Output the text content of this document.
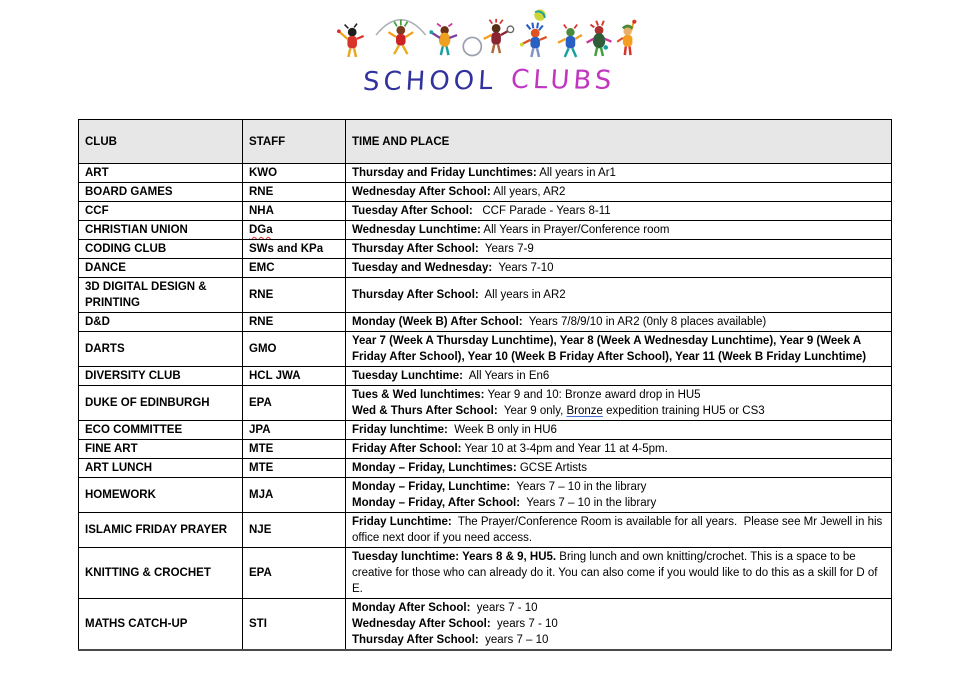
SCHOOL CLUBS
CLUB	STAFF	TIME AND PLACE
ART	KWO	Thursday and Friday Lunchtimes: All years in Ar1

BOARD GAMES	RNE	Wednesday After School: All years, AR2

CCF	NHA	Tuesday After School:   CCF Parade - Years 8-11

CHRISTIAN UNION	DGa	Wednesday Lunchtime: All Years in Prayer/Conference room

CODING CLUB	SWs and KPa	Thursday After School:  Years 7-9

DANCE	EMC	Tuesday and Wednesday:  Years 7-10

3D DIGITAL DESIGN & PRINTING	RNE	Thursday After School:  All years in AR2

D&D	RNE	Monday (Week B) After School:  Years 7/8/9/10 in AR2 (0nly 8 places available)

DARTS	GMO	Year 7 (Week A Thursday Lunchtime), Year 8 (Week A Wednesday Lunchtime), Year 9 (Week A Friday After School), Year 10 (Week B Friday After School), Year 11 (Week B Friday Lunchtime)

DIVERSITY CLUB	HCL JWA	Tuesday Lunchtime:  All Years in En6

DUKE OF EDINBURGH	EPA	Tues & Wed lunchtimes: Year 9 and 10: Bronze award drop in HU5
Wed & Thurs After School:  Year 9 only, Bronze expedition training HU5 or CS3

ECO COMMITTEE	JPA	Friday lunchtime:  Week B only in HU6

FINE ART	MTE	Friday After School: Year 10 at 3-4pm and Year 11 at 4-5pm.

ART LUNCH	MTE	Monday – Friday, Lunchtimes: GCSE Artists

HOMEWORK	MJA	Monday – Friday, Lunchtime:  Years 7 – 10 in the library
Monday – Friday, After School:  Years 7 – 10 in the library

ISLAMIC FRIDAY PRAYER	NJE	Friday Lunchtime:  The Prayer/Conference Room is available for all years.  Please see Mr Jewell in his office next door if you need access.

KNITTING & CROCHET	EPA	Tuesday lunchtime: Years 8 & 9, HU5. Bring lunch and own knitting/crochet. This is a space to be creative for those who can already do it. You can also come if you would like to do this as a skill for D of E.

MATHS CATCH-UP	STI	Monday After School:  years 7 - 10
Wednesday After School:  years 7 - 10
Thursday After School:  years 7 – 10
